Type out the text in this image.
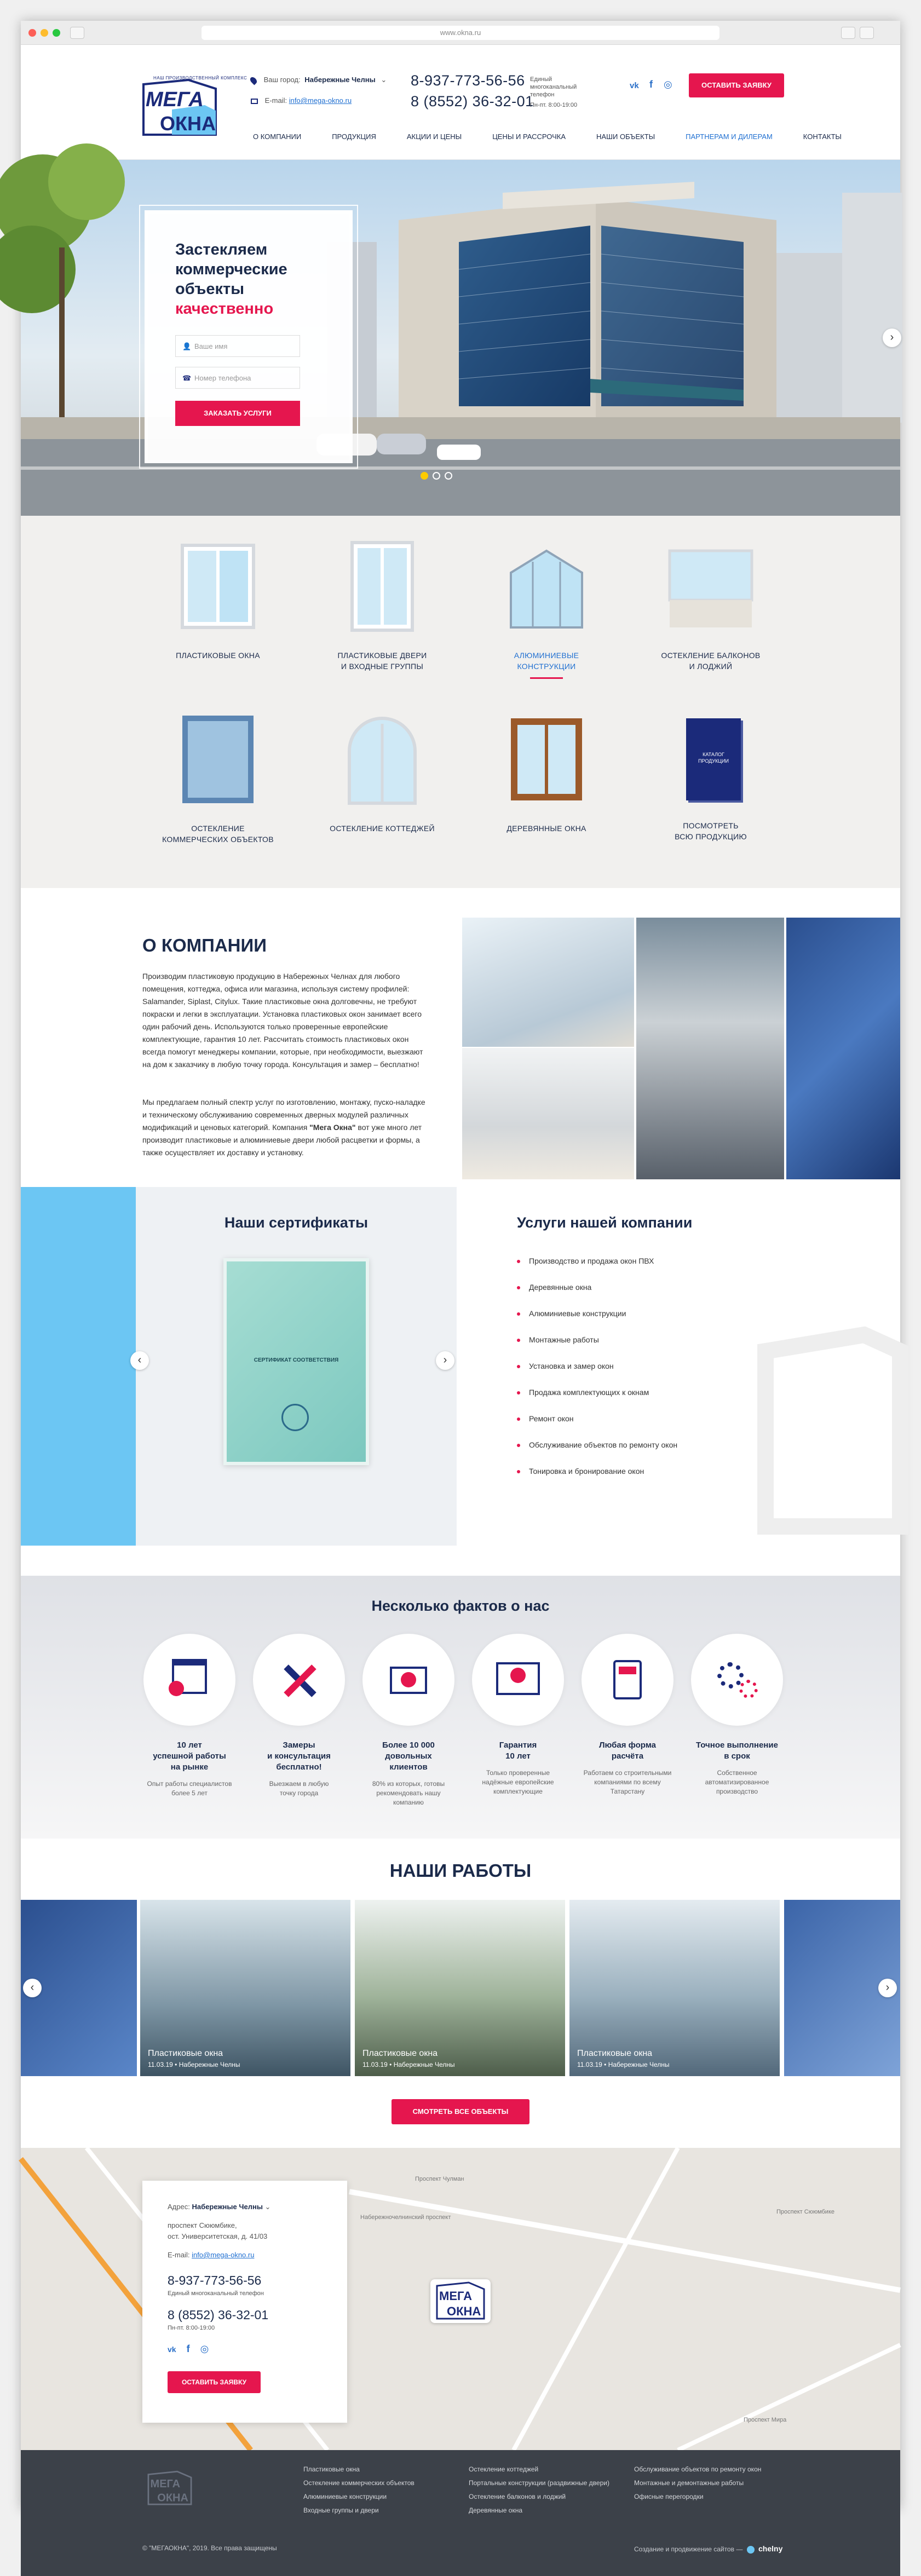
www.okna.ru
НАШ ПРОИЗВОДСТВЕННЫЙ КОМПЛЕКС
МЕГА
ОКНА
Ваш город: Набережные Челны ⌄
E-mail: info@mega-okno.ru
8-937-773-56-56 Единый многоканальный телефон
8 (8552) 36-32-01
Пн-пт. 8:00-19:00
vk f ◎	ОСТАВИТЬ ЗАЯВКУ
О КОМПАНИИ	ПРОДУКЦИЯ	АКЦИИ И ЦЕНЫ	ЦЕНЫ И РАССРОЧКА	НАШИ ОБЪЕКТЫ	ПАРТНЕРАМ И ДИЛЕРАМ	КОНТАКТЫ
Застекляем
коммерческие
объекты
качественно
👤 Ваше имя
☎ Номер телефона
ЗАКАЗАТЬ УСЛУГИ
›
ПЛАСТИКОВЫЕ ОКНА	ПЛАСТИКОВЫЕ ДВЕРИ
И ВХОДНЫЕ ГРУППЫ
АЛЮМИНИЕВЫЕ
КОНСТРУКЦИИ
ОСТЕКЛЕНИЕ БАЛКОНОВ
И ЛОДЖИЙ
ОСТЕКЛЕНИЕ
КОММЕРЧЕСКИХ ОБЪЕКТОВ
ОСТЕКЛЕНИЕ КОТТЕДЖЕЙ	ДЕРЕВЯННЫЕ ОКНА
КАТАЛОГ ПРОДУКЦИИ
ПОСМОТРЕТЬ
ВСЮ ПРОДУКЦИЮ
О КОМПАНИИ

Производим пластиковую продукцию в Набережных Челнах для любого помещения, коттеджа, офиса или магазина, используя систему профилей: Salamander, Siplast, Citylux. Такие пластиковые окна долговечны, не требуют покраски и легки в эксплуатации. Установка пластиковых окон занимает всего один рабочий день. Используются только проверенные европейские комплектующие, гарантия 10 лет. Рассчитать стоимость пластиковых окон всегда помогут менеджеры компании, которые, при необходимости, выезжают на дом к заказчику в любую точку города. Консультация и замер – бесплатно!

Мы предлагаем полный спектр услуг по изготовлению, монтажу, пуско-наладке и техническому обслуживанию современных дверных модулей различных модификаций и ценовых категорий. Компания "Мега Окна" вот уже много лет производит пластиковые и алюминиевые двери любой расцветки и формы, а также осуществляет их доставку и установку.

Наши сертификаты
СЕРТИФИКАТ СООТВЕТСТВИЯ
‹	›
Услуги нашей компании
Производство и продажа окон ПВХ
Деревянные окна
Алюминиевые конструкции
Монтажные работы
Установка и замер окон
Продажа комплектующих к окнам
Ремонт окон
Обслуживание объектов по ремонту окон
Тонировка и бронирование окон
Несколько фактов о нас
10 лет
успешной работы
на рынке
Опыт работы специалистов
более 5 лет
Замеры
и консультация
бесплатно!
Выезжаем в любую
точку города
Более 10 000
довольных
клиентов
80% из которых, готовы
рекомендовать нашу
компанию
Гарантия
10 лет
Только проверенные
надёжные европейские
комплектующие
Любая форма
расчёта
Работаем со строительными
компаниями по всему
Татарстану
Точное выполнение
в срок
Собственное
автоматизированное
производство
НАШИ РАБОТЫ
Пластиковые окна
11.03.19 • Набережные Челны
Пластиковые окна
11.03.19 • Набережные Челны
Пластиковые окна
11.03.19 • Набережные Челны
‹	›
СМОТРЕТЬ ВСЕ ОБЪЕКТЫ
Проспект Чулман
Набережночелнинский проспект
Проспект Сююмбике
Проспект Мира
МЕГА
ОКНА
Адрес: Набережные Челны ⌄
проспект Сююмбике,
ост. Университетская, д. 41/03
E-mail: info@mega-okno.ru
8-937-773-56-56
Единый многоканальный телефон
8 (8552) 36-32-01
Пн-пт. 8:00-19:00
vk f ◎
ОСТАВИТЬ ЗАЯВКУ
МЕГА
ОКНА
Пластиковые окна
Остекление коммерческих объектов
Алюминиевые конструкции
Входные группы и двери
Остекление коттеджей
Портальные конструкции (раздвижные двери)
Остекление балконов и лоджий
Деревянные окна
Обслуживание объектов по ремонту окон
Монтажные и демонтажные работы
Офисные перегородки
© "МЕГАОКНА", 2019. Все права защищены	Создание и продвижение сайтов — chelny
